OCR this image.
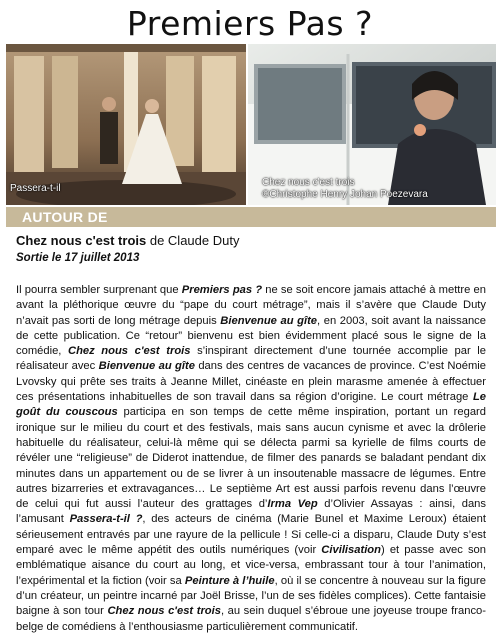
Premiers Pas ?
Passera-t-il
Chez nous c'est trois
©Christophe Henry Johan Poezevara
AUTOUR DE

Chez nous c'est trois de Claude Duty

Sortie le 17 juillet 2013

Il pourra sembler surprenant que Premiers pas ? ne se soit encore jamais attaché à mettre en avant la pléthorique œuvre du “pape du court métrage”, mais il s’avère que Claude Duty n’avait pas sorti de long métrage depuis Bienvenue au gîte, en 2003, soit avant la naissance de cette publication. Ce “retour” bienvenu est bien évidemment placé sous le signe de la comédie, Chez nous c'est trois s’inspirant directement d’une tournée accomplie par le réalisateur avec Bienvenue au gîte dans des centres de vacances de province. C’est Noémie Lvovsky qui prête ses traits à Jeanne Millet, cinéaste en plein marasme amenée à effectuer ces présentations inhabituelles de son travail dans sa région d’origine. Le court métrage Le goût du couscous participa en son temps de cette même inspiration, portant un regard ironique sur le milieu du court et des festivals, mais sans aucun cynisme et avec la drôlerie habituelle du réalisateur, celui-là même qui se délecta parmi sa kyrielle de films courts de révéler une “religieuse” de Diderot inattendue, de filmer des panards se baladant pendant dix minutes dans un appartement ou de se livrer à un insoutenable massacre de légumes. Entre autres bizarreries et extravagances… Le septième Art est aussi parfois revenu dans l’œuvre de celui qui fut aussi l’auteur des grattages d’Irma Vep d’Olivier Assayas : ainsi, dans l’amusant Passera-t-il ?, des acteurs de cinéma (Marie Bunel et Maxime Leroux) étaient sérieusement entravés par une rayure de la pellicule ! Si celle-ci a disparu, Claude Duty s’est emparé avec le même appétit des outils numériques (voir Civilisation) et passe avec son emblématique aisance du court au long, et vice-versa, embrassant tour à tour l’animation, l’expérimental et la fiction (voir sa Peinture à l’huile, où il se concentre à nouveau sur la figure d’un créateur, un peintre incarné par Joël Brisse, l’un de ses fidèles complices). Cette fantaisie baigne à son tour Chez nous c'est trois, au sein duquel s’ébroue une joyeuse troupe franco-belge de comédiens à l’enthousiasme particulièrement communicatif.
